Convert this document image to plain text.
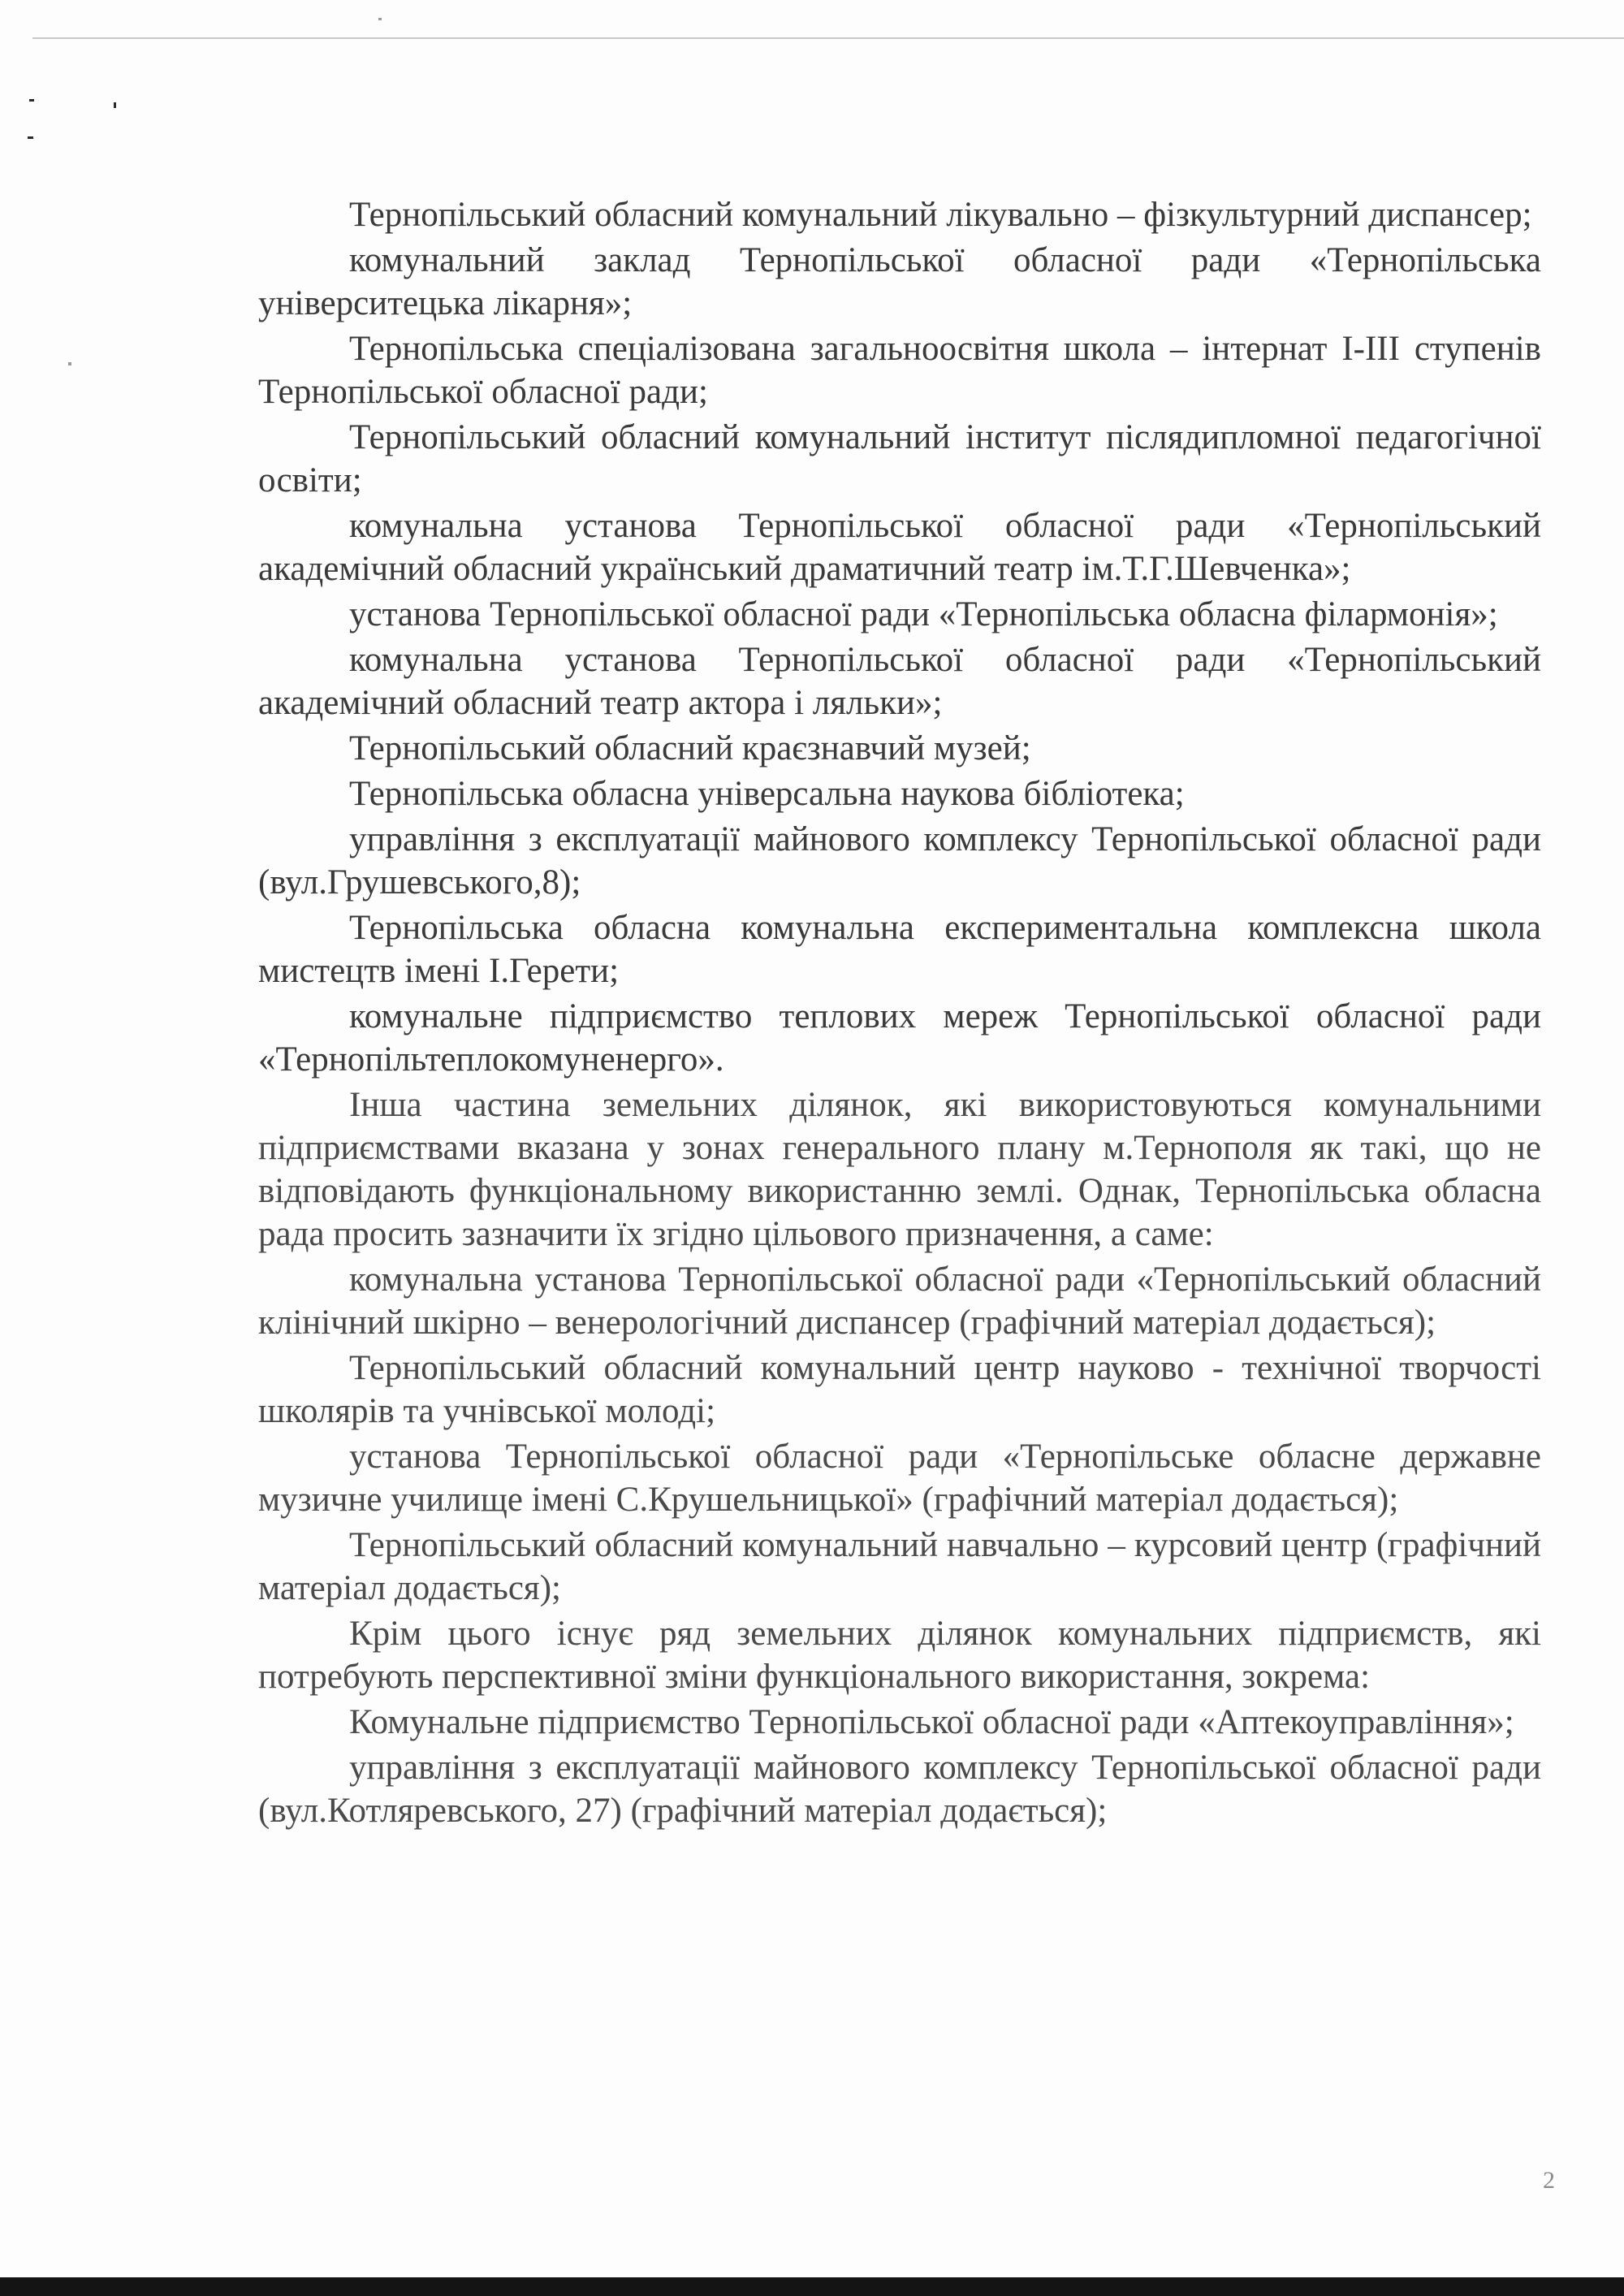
Тернопільський обласний комунальний лікувально – фізкультурний диспансер;

комунальний заклад Тернопільської обласної ради «Тернопільська університецька лікарня»;

Тернопільська спеціалізована загальноосвітня школа – інтернат І-ІІІ ступенів Тернопільської обласної ради;

Тернопільський обласний комунальний інститут післядипломної педагогічної освіти;

комунальна установа Тернопільської обласної ради «Тернопільський академічний обласний український драматичний театр ім.Т.Г.Шевченка»;

установа Тернопільської обласної ради «Тернопільська обласна філармонія»;

комунальна установа Тернопільської обласної ради «Тернопільський академічний обласний театр актора і ляльки»;

Тернопільський обласний краєзнавчий музей;

Тернопільська обласна універсальна наукова бібліотека;

управління з експлуатації майнового комплексу Тернопільської обласної ради (вул.Грушевського,8);

Тернопільська обласна комунальна експериментальна комплексна школа мистецтв імені І.Герети;

комунальне підприємство теплових мереж Тернопільської обласної ради «Тернопільтеплокомуненерго».

Інша частина земельних ділянок, які використовуються комунальними підприємствами вказана у зонах генерального плану м.Тернополя як такі, що не відповідають функціональному використанню землі. Однак, Тернопільська обласна рада просить зазначити їх згідно цільового призначення, а саме:

комунальна установа Тернопільської обласної ради «Тернопільський обласний клінічний шкірно – венерологічний диспансер (графічний матеріал додається);

Тернопільський обласний комунальний центр науково - технічної творчості школярів та учнівської молоді;

установа Тернопільської обласної ради «Тернопільське обласне державне музичне училище імені С.Крушельницької» (графічний матеріал додається);

Тернопільський обласний комунальний навчально – курсовий центр (графічний матеріал додається);

Крім цього існує ряд земельних ділянок комунальних підприємств, які потребують перспективної зміни функціонального використання, зокрема:

Комунальне підприємство Тернопільської обласної ради «Аптекоуправління»;

управління з експлуатації майнового комплексу Тернопільської обласної ради (вул.Котляревського, 27) (графічний матеріал додається);

2
